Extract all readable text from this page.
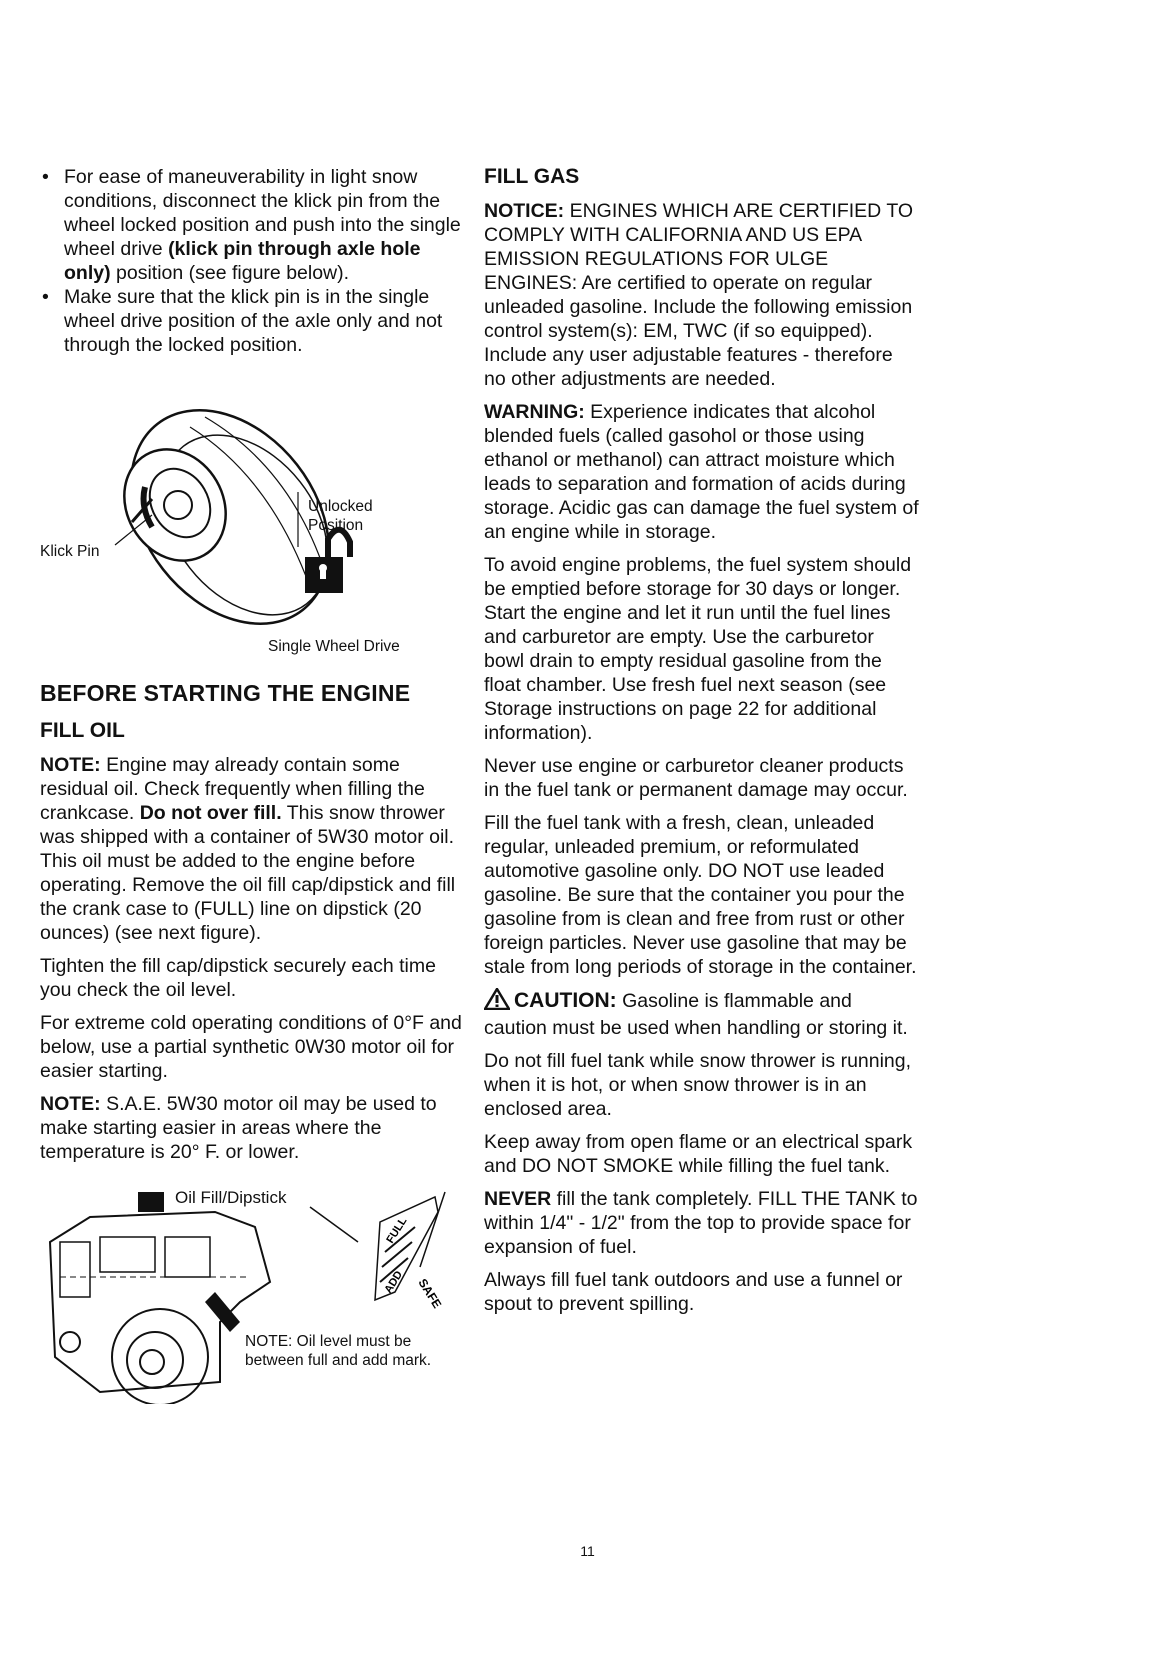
• For ease of maneuverability in light snow conditions, disconnect the klick pin from the wheel locked position and push into the single wheel drive (klick pin through axle hole only) position (see figure below).
• Make sure that the klick pin is in the single wheel drive position of the axle only and not through the locked position.
Klick Pin
Unlocked
Position
Single Wheel Drive
BEFORE STARTING THE ENGINE
FILL OIL

NOTE: Engine may already contain some residual oil. Check frequently when filling the crankcase. Do not over fill. This snow thrower was shipped with a container of 5W30 motor oil. This oil must be added to the engine before operating. Remove the oil fill cap/dipstick and fill the crank case to (FULL) line on dipstick (20 ounces) (see next figure).

Tighten the fill cap/dipstick securely each time you check the oil level.

For extreme cold operating conditions of 0°F and below, use a partial synthetic 0W30 motor oil for easier starting.

NOTE: S.A.E. 5W30 motor oil may be used to make starting easier in areas where the temperature is 20° F. or lower.

FULL
ADD SAFE
Oil Fill/Dipstick
NOTE: Oil level must be between full and add mark.
FILL GAS

NOTICE: ENGINES WHICH ARE CERTIFIED TO COMPLY WITH CALIFORNIA AND US EPA EMISSION REGULATIONS FOR ULGE ENGINES: Are certified to operate on regular unleaded gasoline. Include the following emission control system(s): EM, TWC (if so equipped). Include any user adjustable features - therefore no other adjustments are needed.

WARNING: Experience indicates that alcohol blended fuels (called gasohol or those using ethanol or methanol) can attract moisture which leads to separation and formation of acids during storage. Acidic gas can damage the fuel system of an engine while in storage.

To avoid engine problems, the fuel system should be emptied before storage for 30 days or longer. Start the engine and let it run until the fuel lines and carburetor are empty. Use the carburetor bowl drain to empty residual gasoline from the float chamber. Use fresh fuel next season (see Storage instructions on page 22 for additional information).

Never use engine or carburetor cleaner products in the fuel tank or permanent damage may occur.

Fill the fuel tank with a fresh, clean, unleaded regular, unleaded premium, or reformulated automotive gasoline only. DO NOT use leaded gasoline. Be sure that the container you pour the gasoline from is clean and free from rust or other foreign particles. Never use gasoline that may be stale from long periods of storage in the container.

CAUTION: Gasoline is flammable and caution must be used when handling or storing it.

Do not fill fuel tank while snow thrower is running, when it is hot, or when snow thrower is in an enclosed area.

Keep away from open flame or an electrical spark and DO NOT SMOKE while filling the fuel tank.

NEVER fill the tank completely. FILL THE TANK to within 1/4" - 1/2" from the top to provide space for expansion of fuel.

Always fill fuel tank outdoors and use a funnel or spout to prevent spilling.

11
